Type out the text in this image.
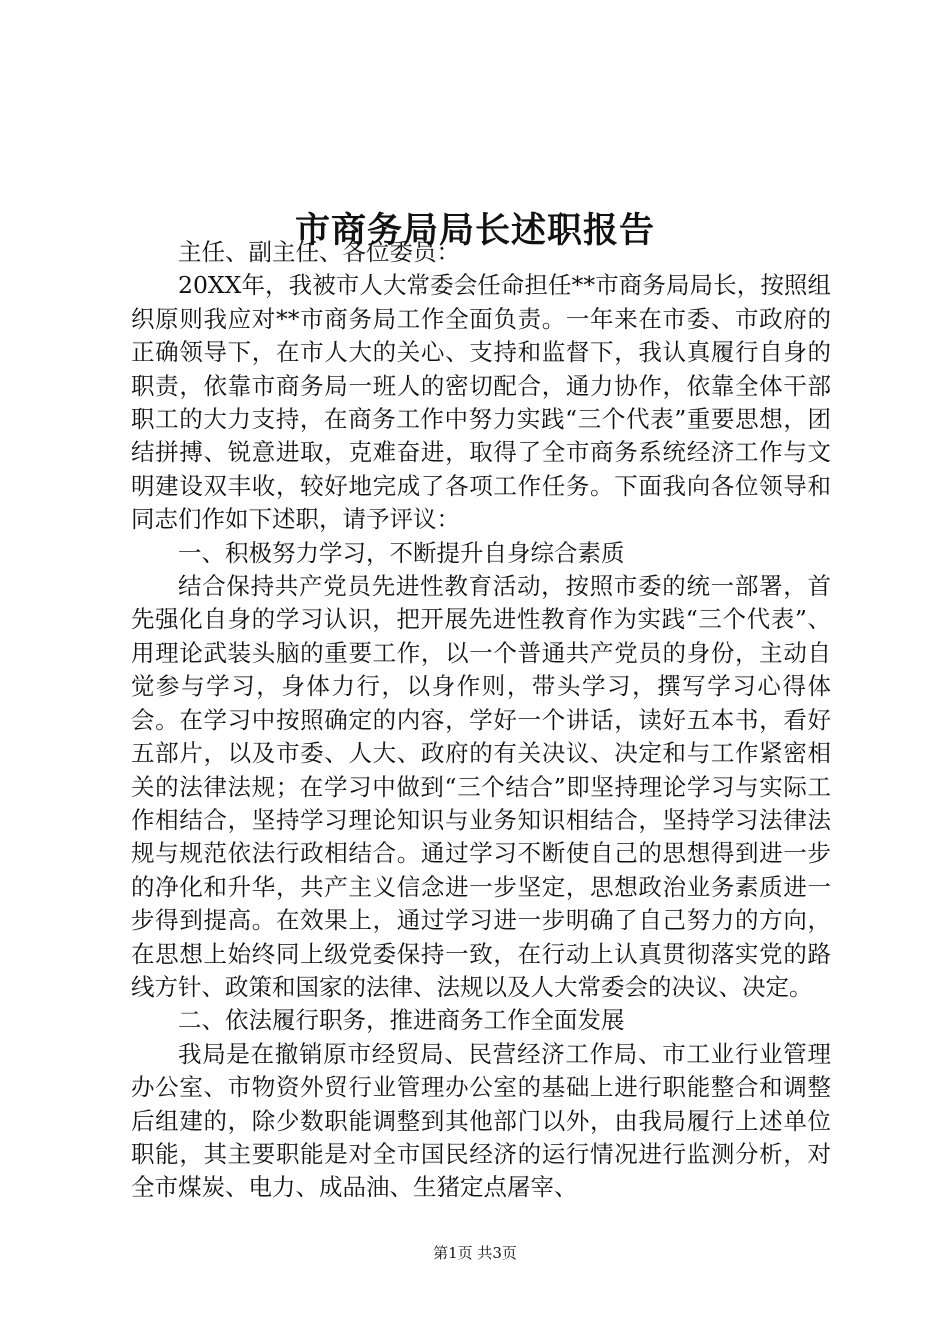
市商务局局长述职报告

主任、副主任、各位委员：

20XX年，我被市人大常委会任命担任**市商务局局长，按照组织原则我应对**市商务局工作全面负责。一年来在市委、市政府的正确领导下，在市人大的关心、支持和监督下，我认真履行自身的职责，依靠市商务局一班人的密切配合，通力协作，依靠全体干部职工的大力支持，在商务工作中努力实践“三个代表”重要思想，团结拼搏、锐意进取，克难奋进，取得了全市商务系统经济工作与文明建设双丰收，较好地完成了各项工作任务。下面我向各位领导和同志们作如下述职，请予评议：

一、积极努力学习，不断提升自身综合素质

结合保持共产党员先进性教育活动，按照市委的统一部署，首先强化自身的学习认识，把开展先进性教育作为实践“三个代表”、用理论武装头脑的重要工作，以一个普通共产党员的身份，主动自觉参与学习，身体力行，以身作则，带头学习，撰写学习心得体会。在学习中按照确定的内容，学好一个讲话，读好五本书，看好五部片，以及市委、人大、政府的有关决议、决定和与工作紧密相关的法律法规；在学习中做到“三个结合”即坚持理论学习与实际工作相结合，坚持学习理论知识与业务知识相结合，坚持学习法律法规与规范依法行政相结合。通过学习不断使自己的思想得到进一步的净化和升华，共产主义信念进一步坚定，思想政治业务素质进一步得到提高。在效果上，通过学习进一步明确了自己努力的方向，在思想上始终同上级党委保持一致，在行动上认真贯彻落实党的路线方针、政策和国家的法律、法规以及人大常委会的决议、决定。

二、依法履行职务，推进商务工作全面发展

我局是在撤销原市经贸局、民营经济工作局、市工业行业管理办公室、市物资外贸行业管理办公室的基础上进行职能整合和调整后组建的，除少数职能调整到其他部门以外，由我局履行上述单位职能，其主要职能是对全市国民经济的运行情况进行监测分析，对全市煤炭、电力、成品油、生猪定点屠宰、

第1页 共3页
